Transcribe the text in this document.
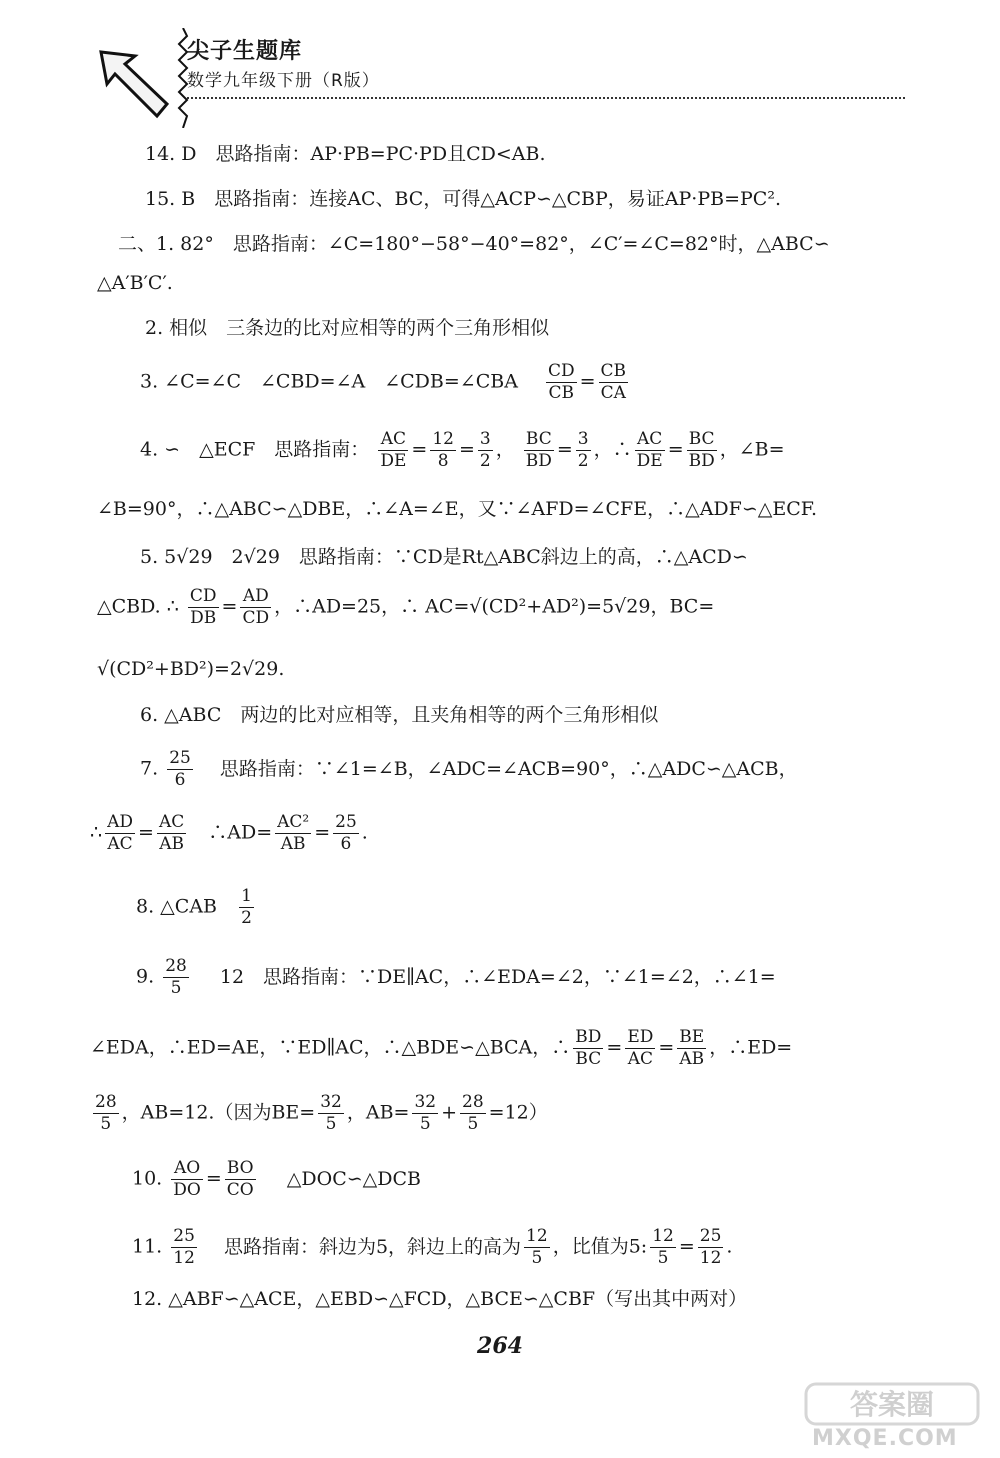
尖子生题库
数学九年级下册（R版）
14. D　思路指南：AP·PB=PC·PD且CD<AB.
15. B　思路指南：连接AC、BC，可得△ACP∽△CBP，易证AP·PB=PC².
二、1. 82°　思路指南：∠C=180°−58°−40°=82°，∠C′=∠C=82°时，△ABC∽
△A′B′C′.
2. 相似　三条边的比对应相等的两个三角形相似
3. ∠C=∠C　∠CBD=∠A　∠CDB=∠CBA $\frac{CD}{CB} = \frac{CB}{CA}$
4. ∽　△ECF　思路指南： $\frac{AC}{DE} = \frac{12}{8} = \frac{3}{2}$ ， $\frac{BC}{BD} = \frac{3}{2}$ ，∴ $\frac{AC}{DE} = \frac{BC}{BD}$ ，∠B=
∠B=90°，∴△ABC∽△DBE，∴∠A=∠E，又∵∠AFD=∠CFE，∴△ADF∽△ECF.
5. 5√29　2√29　思路指南：∵CD是Rt△ABC斜边上的高，∴△ACD∽
△CBD. ∴ $\frac{CD}{DB} = \frac{AD}{CD}$ ，∴AD=25，∴ AC=√(CD²+AD²)=5√29，BC=
√(CD²+BD²)=2√29.
6. △ABC　两边的比对应相等，且夹角相等的两个三角形相似
7. $\frac{25}{6}$ 思路指南：∵∠1=∠B，∠ADC=∠ACB=90°，∴△ADC∽△ACB，
∴ $\frac{AD}{AC} = \frac{AC}{AB}$ 　∴AD= $\frac{\text{AC²}}{AB} = \frac{25}{6}$ .
8. △CAB $\frac{1}{2}$
9. $\frac{28}{5} 12$　思路指南：∵DE∥AC，∴∠EDA=∠2，∵∠1=∠2，∴∠1=
∠EDA，∴ED=AE，∵ED∥AC，∴△BDE∽△BCA，∴ $\frac{BD}{BC} = \frac{ED}{AC} = \frac{BE}{AB}$ ，∴ED=
$\frac{28}{5}$ ，AB=12.（因为$BE= \frac{32}{5}$ ，$AB= \frac{32}{5} + \frac{28}{5} =12$）
10. $\frac{AO}{DO} = \frac{BO}{CO}$ △DOC∽△DCB
11. $\frac{25}{12}$ 思路指南：斜边为5，斜边上的高为 $\frac{12}{5}$ ，比值为5: $\frac{12}{5} = \frac{25}{12}$ .
12. △ABF∽△ACE，△EBD∽△FCD，△BCE∽△CBF（写出其中两对）
264
答案圈
MXQE.COM
